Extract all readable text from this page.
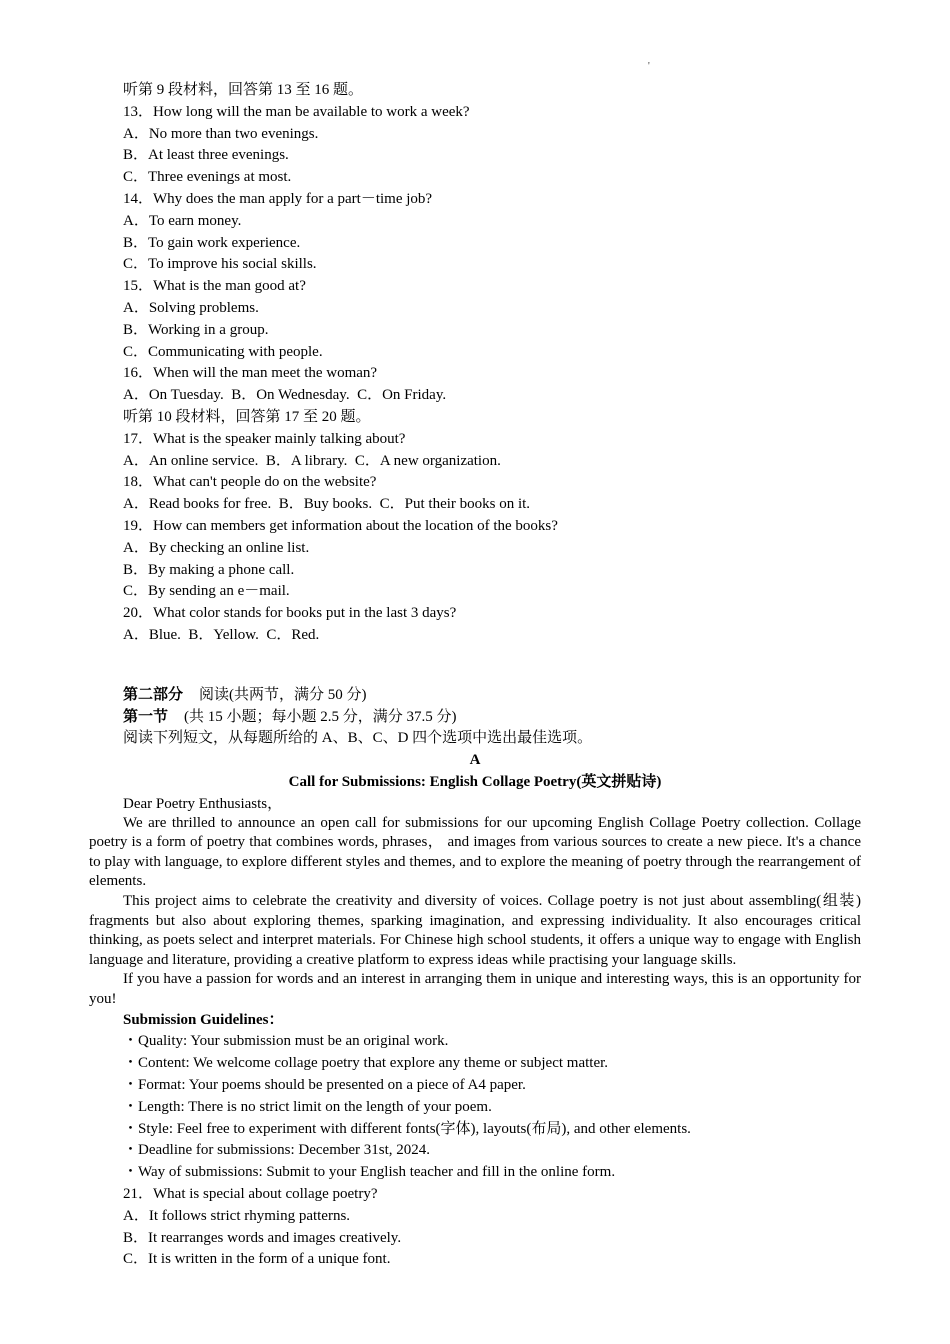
'
听第 9 段材料，回答第 13 至 16 题。
13．How long will the man be available to work a week?
A．No more than two evenings.
B．At least three evenings.
C．Three evenings at most.
14．Why does the man apply for a part－time job?
A．To earn money.
B．To gain work experience.
C．To improve his social skills.
15．What is the man good at?
A．Solving problems.
B．Working in a group.
C．Communicating with people.
16．When will the man meet the woman?
A．On Tuesday.  B．On Wednesday.  C．On Friday.
听第 10 段材料，回答第 17 至 20 题。
17．What is the speaker mainly talking about?
A．An online service.  B．A library.  C．A new organization.
18．What can't people do on the website?
A．Read books for free.  B．Buy books.  C．Put their books on it.
19．How can members get information about the location of the books?
A．By checking an online list.
B．By making a phone call.
C．By sending an e－mail.
20．What color stands for books put in the last 3 days?
A．Blue.  B．Yellow.  C．Red.
第二部分 阅读(共两节，满分 50 分)
第一节 (共 15 小题；每小题 2.5 分，满分 37.5 分)
阅读下列短文，从每题所给的 A、B、C、D 四个选项中选出最佳选项。
A
Call for Submissions: English Collage Poetry(英文拼贴诗)
Dear Poetry Enthusiasts，

We are thrilled to announce an open call for submissions for our upcoming English Collage Poetry collection. Collage poetry is a form of poetry that combines words, phrases， and images from various sources to create a new piece. It's a chance to play with language, to explore different styles and themes, and to explore the meaning of poetry through the rearrangement of elements.

This project aims to celebrate the creativity and diversity of voices. Collage poetry is not just about assembling(组装) fragments but also about exploring themes, sparking imagination, and expressing individuality. It also encourages critical thinking, as poets select and interpret materials. For Chinese high school students, it offers a unique way to engage with English language and literature, providing a creative platform to express ideas while practising your language skills.

If you have a passion for words and an interest in arranging them in unique and interesting ways, this is an opportunity for you!

Submission Guidelines：
・Quality: Your submission must be an original work.
・Content: We welcome collage poetry that explore any theme or subject matter.
・Format: Your poems should be presented on a piece of A4 paper.
・Length: There is no strict limit on the length of your poem.
・Style: Feel free to experiment with different fonts(字体), layouts(布局), and other elements.
・Deadline for submissions: December 31st, 2024.
・Way of submissions: Submit to your English teacher and fill in the online form.
21．What is special about collage poetry?
A．It follows strict rhyming patterns.
B．It rearranges words and images creatively.
C．It is written in the form of a unique font.
